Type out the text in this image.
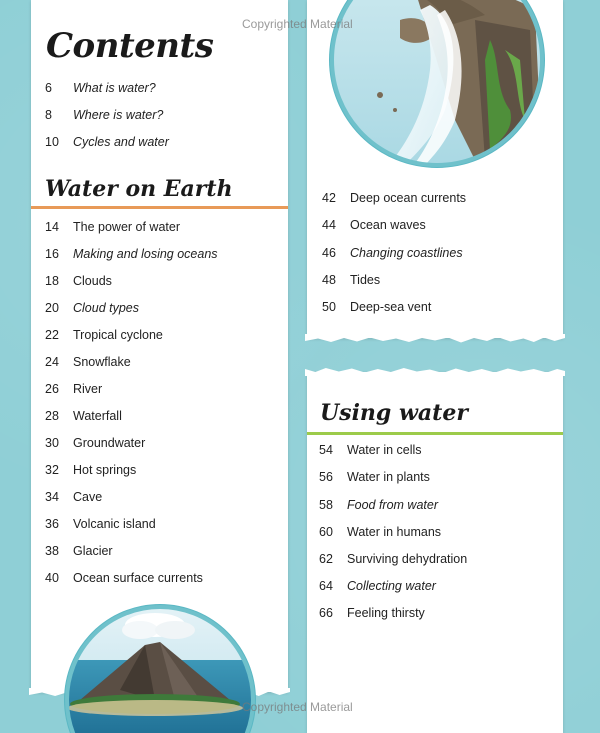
Contents
6 What is water?
8 Where is water?
10 Cycles and water
Water on Earth
14 The power of water
16 Making and losing oceans
18 Clouds
20 Cloud types
22 Tropical cyclone
24 Snowflake
26 River
28 Waterfall
30 Groundwater
32 Hot springs
34 Cave
36 Volcanic island
38 Glacier
40 Ocean surface currents
42 Deep ocean currents
44 Ocean waves
46 Changing coastlines
48 Tides
50 Deep-sea vent
Using water
54 Water in cells
56 Water in plants
58 Food from water
60 Water in humans
62 Surviving dehydration
64 Collecting water
66 Feeling thirsty
Copyrighted Material
Copyrighted Material
